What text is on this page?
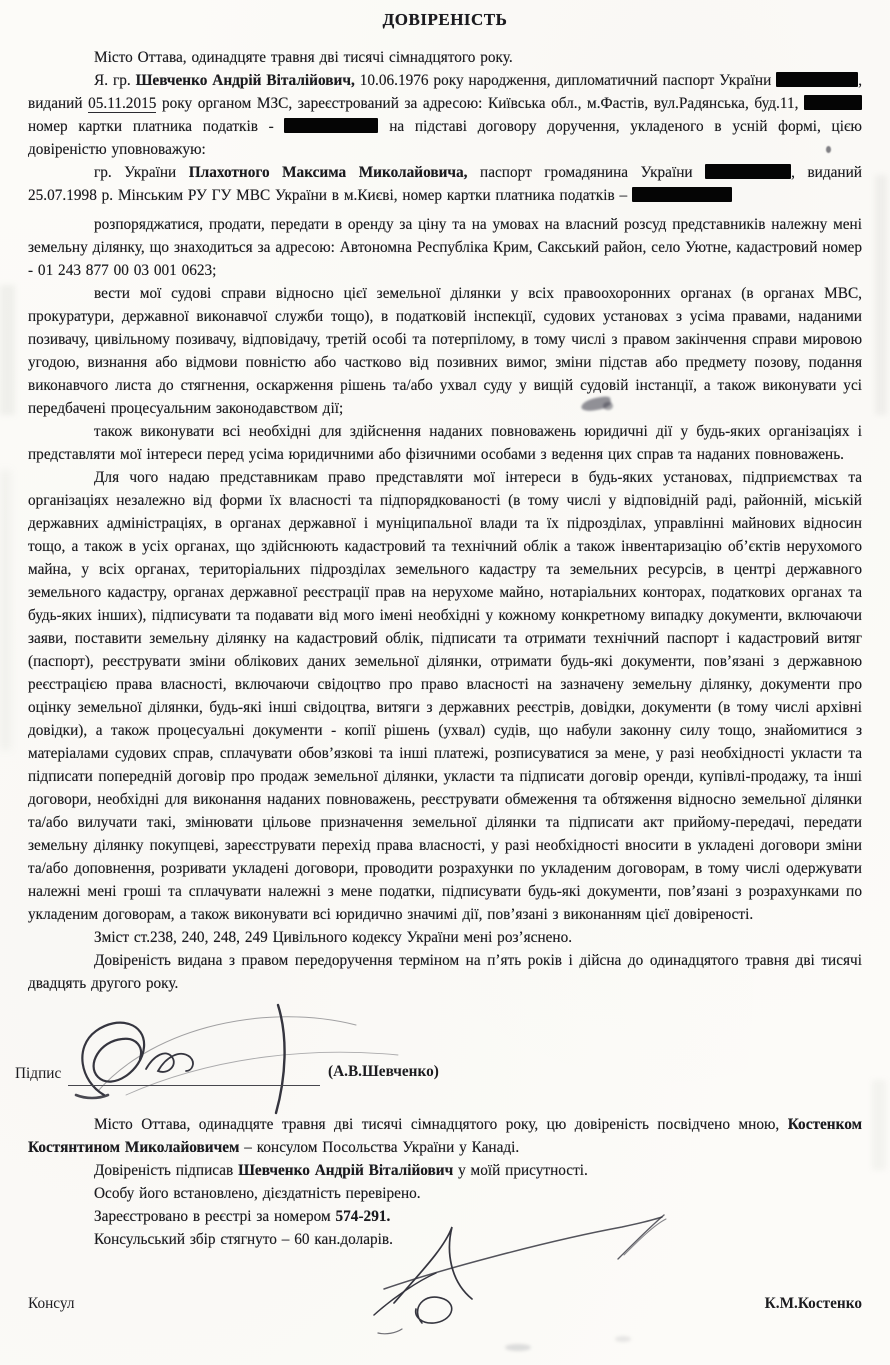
ДОВІРЕНІСТЬ

Місто Оттава, одинадцяте травня дві тисячі сімнадцятого року.

Я. гр. Шевченко Андрій Віталійович, 10.06.1976 року народження, дипломатичний паспорт України	, виданий 05.11.2015 року органом МЗС, зареєстрований за адресою: Київська обл., м.Фастів, вул.Радянська, буд.11,  номер картки платника податків -	на підставі договору доручення, укладеного в усній формі, цією довіреністю уповноважую:

гр. України Плахотного Максима Миколайовича, паспорт громадянина України	, виданий 25.07.1998 р. Мінським РУ ГУ МВС України в м.Києві, номер картки платника податків –

розпоряджатися, продати, передати в оренду за ціну та на умовах на власний розсуд представників належну мені земельну ділянку, що знаходиться за адресою: Автономна Республіка Крим, Сакський район, село Уютне, кадастровий номер - 01 243 877 00 03 001 0623;

вести мої судові справи відносно цієї земельної ділянки у всіх правоохоронних органах (в органах МВС, прокуратури, державної виконавчої служби тощо), в податковій інспекції, судових установах з усіма правами, наданими позивачу, цивільному позивачу, відповідачу, третій особі та потерпілому, в тому числі з правом закінчення справи мировою угодою, визнання або відмови повністю або частково від позивних вимог, зміни підстав або предмету позову, подання виконавчого листа до стягнення, оскарження рішень та/або ухвал суду у вищій судовій інстанції, а також виконувати усі передбачені процесуальним законодавством дії;

також виконувати всі необхідні для здійснення наданих повноважень юридичні дії у будь-яких організаціях і представляти мої інтереси перед усіма юридичними або фізичними особами з ведення цих справ та наданих повноважень.

Для чого надаю представникам право представляти мої інтереси в будь-яких установах, підприємствах та організаціях незалежно від форми їх власності та підпорядкованості (в тому числі у відповідній раді, районній, міській державних адміністраціях, в органах державної і муніципальної влади та їх підрозділах, управлінні майнових відносин тощо, а також в усіх органах, що здійснюють кадастровий та технічний облік а також інвентаризацію об’єктів нерухомого майна, у всіх органах, територіальних підрозділах земельного кадастру та земельних ресурсів, в центрі державного земельного кадастру, органах державної реєстрації прав на нерухоме майно, нотаріальних конторах, податкових органах та будь-яких інших), підписувати та подавати від мого імені необхідні у кожному конкретному випадку документи, включаючи заяви, поставити земельну ділянку на кадастровий облік, підписати та отримати технічний паспорт і кадастровий витяг (паспорт), реєструвати зміни облікових даних земельної ділянки, отримати будь-які документи, пов’язані з державною реєстрацією права власності, включаючи свідоцтво про право власності на зазначену земельну ділянку, документи про оцінку земельної ділянки, будь-які інші свідоцтва, витяги з державних реєстрів, довідки, документи (в тому числі архівні довідки), а також процесуальні документи - копії рішень (ухвал) судів, що набули законну силу тощо, знайомитися з матеріалами судових справ, сплачувати обов’язкові та інші платежі, розписуватися за мене, у разі необхідності укласти та підписати попередній договір про продаж земельної ділянки, укласти та підписати договір оренди, купівлі-продажу, та інші договори, необхідні для виконання наданих повноважень, реєструвати обмеження та обтяження відносно земельної ділянки та/або вилучати такі, змінювати цільове призначення земельної ділянки та підписати акт прийому-передачі, передати земельну ділянку покупцеві, зареєструвати перехід права власності, у разі необхідності вносити в укладені договори зміни та/або доповнення, розривати укладені договори, проводити розрахунки по укладеним договорам, в тому числі одержувати належні мені гроші та сплачувати належні з мене податки, підписувати будь-які документи, пов’язані з розрахунками по укладеним договорам, а також виконувати всі юридично значимі дії, пов’язані з виконанням цієї довіреності.

Зміст ст.238, 240, 248, 249 Цивільного кодексу України мені роз’яснено.

Довіреність видана з правом передоручення терміном на п’ять років і дійсна до одинадцятого травня дві тисячі двадцять другого року.

Підпис	(А.В.Шевченко)

Місто Оттава, одинадцяте травня дві тисячі сімнадцятого року, цю довіреність посвідчено мною, Костенком Костянтином Миколайовичем – консулом Посольства України у Канаді.

Довіреність підписав Шевченко Андрій Віталійович у моїй присутності.

Особу його встановлено, дієздатність перевірено.

Зареєстровано в реєстрі за номером 574-291.

Консульський збір стягнуто – 60 кан.доларів.

Консул	К.М.Костенко
